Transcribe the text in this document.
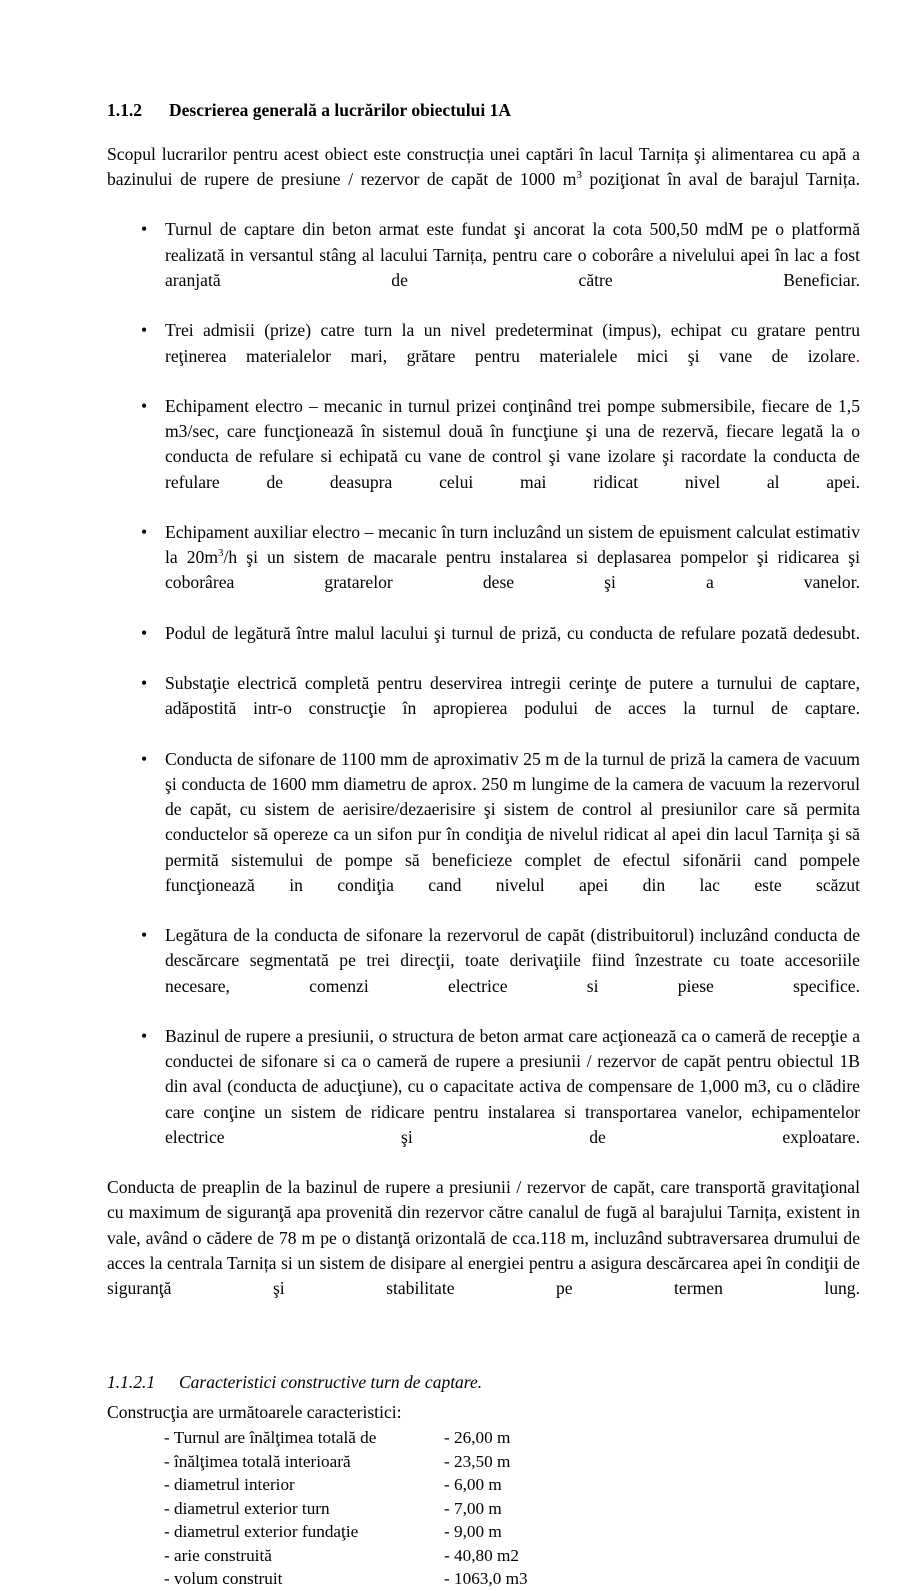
1.1.2	Descrierea generală a lucrărilor obiectului 1A

Scopul lucrarilor pentru acest obiect este construcția unei captări în lacul Tarnița şi alimentarea cu apă a bazinului de rupere de presiune / rezervor de capăt de 1000 $m^3$ poziţionat în aval de barajul Tarnița.

• Turnul de captare din beton armat este fundat şi ancorat la cota 500,50 mdM pe o platformă realizată in versantul stâng al lacului Tarnița, pentru care o coborâre a nivelului apei în lac a fost aranjată de către Beneficiar.
• Trei admisii (prize) catre turn la un nivel predeterminat (impus), echipat cu gratare pentru reţinerea materialelor mari, grătare pentru materialele mici şi vane de izolare.
• Echipament electro – mecanic in turnul prizei conţinând trei pompe submersibile, fiecare de 1,5 m3/sec, care funcţionează în sistemul două în funcţiune şi una de rezervă, fiecare legată la o conducta de refulare si echipată cu vane de control şi vane izolare şi racordate la conducta de refulare de deasupra celui mai ridicat nivel al apei.
• Echipament auxiliar electro – mecanic în turn incluzând un sistem de epuisment calculat estimativ la $20m^3/h$ şi un sistem de macarale pentru instalarea si deplasarea pompelor şi ridicarea şi coborârea gratarelor dese şi a vanelor.
• Podul de legătură între malul lacului şi turnul de priză, cu conducta de refulare pozată dedesubt.
• Substaţie electrică completă pentru deservirea intregii cerinţe de putere a turnului de captare, adăpostită intr-o construcţie în apropierea podului de acces la turnul de captare.
• Conducta de sifonare de 1100 mm de aproximativ 25 m de la turnul de priză la camera de vacuum şi conducta de 1600 mm diametru de aprox. 250 m lungime de la camera de vacuum la rezervorul de capăt, cu sistem de aerisire/dezaerisire şi sistem de control al presiunilor care să permita conductelor să opereze ca un sifon pur în condiţia de nivelul ridicat al apei din lacul Tarnița şi să permită sistemului de pompe să beneficieze complet de efectul sifonării cand pompele funcţionează in condiţia cand nivelul apei din lac este scăzut
• Legătura de la conducta de sifonare la rezervorul de capăt (distribuitorul) incluzând conducta de descărcare segmentată pe trei direcţii, toate derivaţiile fiind înzestrate cu toate accesoriile necesare, comenzi electrice si piese specifice.
• Bazinul de rupere a presiunii, o structura de beton armat care acţionează ca o cameră de recepţie a conductei de sifonare si ca o cameră de rupere a presiunii / rezervor de capăt pentru obiectul 1B din aval (conducta de aducţiune), cu o capacitate activa de compensare de 1,000 m3, cu o clădire care conţine un sistem de ridicare pentru instalarea si transportarea vanelor, echipamentelor electrice şi de exploatare.

Conducta de preaplin de la bazinul de rupere a presiunii / rezervor de capăt, care transportă gravitaţional cu maximum de siguranţă apa provenită din rezervor către canalul de fugă al barajului Tarnița, existent in vale, având o cădere de 78 m pe o distanţă orizontală de cca.118 m, incluzând subtraversarea drumului de acces la centrala Tarnița si un sistem de disipare al energiei pentru a asigura descărcarea apei în condiţii de siguranţă şi stabilitate pe termen lung.

1.1.2.1	Caracteristici constructive turn de captare.

Construcţia are următoarele caracteristici:

- Turnul are înălţimea totală de	- 26,00 m
- înălţimea totală interioară	- 23,50 m
- diametrul interior	- 6,00 m
- diametrul exterior turn	- 7,00 m
- diametrul exterior fundaţie	- 9,00 m
- arie construită	- 40,80 m2
- volum construit	- 1063,0 m3
